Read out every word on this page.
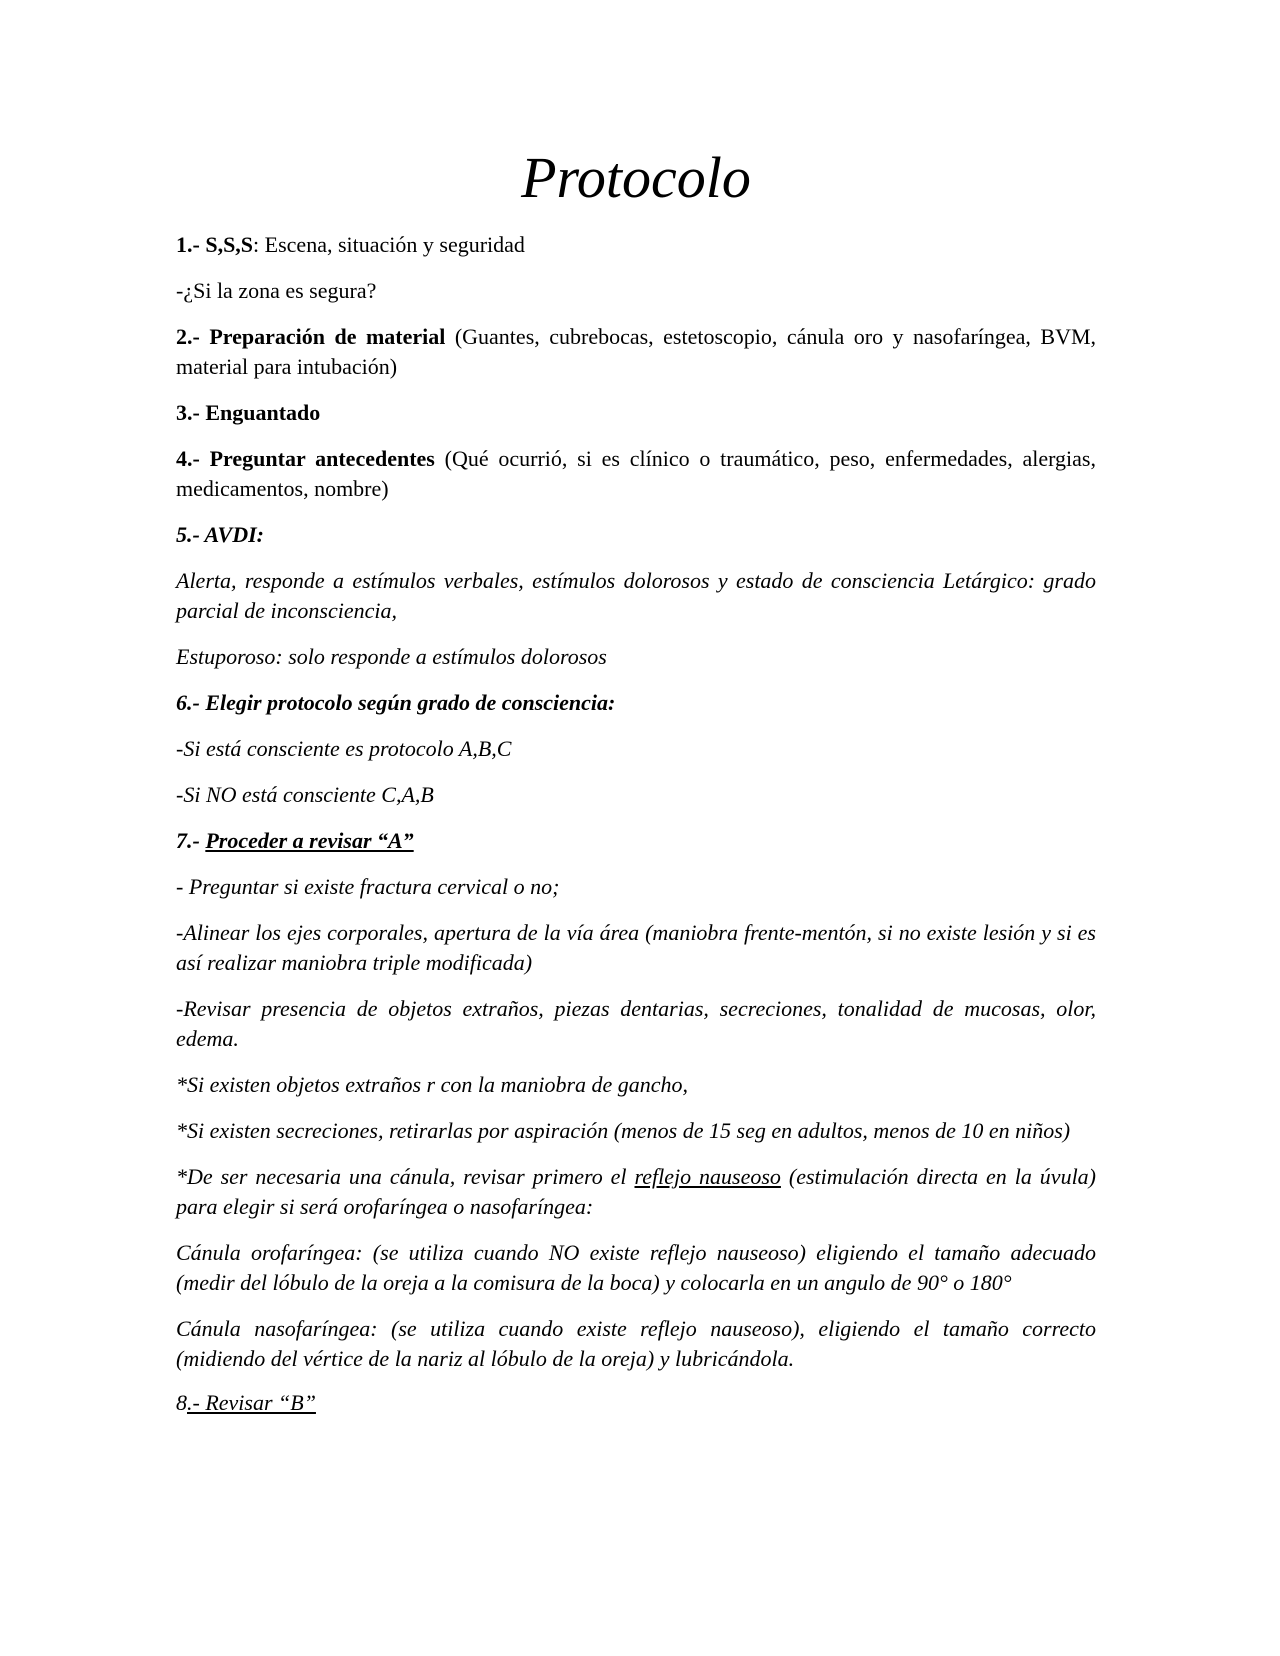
Protocolo

1.- S,S,S: Escena, situación y seguridad

-¿Si la zona es segura?

2.- Preparación de material (Guantes, cubrebocas, estetoscopio, cánula oro y nasofaríngea, BVM, material para intubación)

3.- Enguantado

4.- Preguntar antecedentes (Qué ocurrió, si es clínico o traumático, peso, enfermedades, alergias, medicamentos, nombre)

5.- AVDI:

Alerta, responde a estímulos verbales, estímulos dolorosos y estado de consciencia Letárgico: grado parcial de inconsciencia,

Estuporoso: solo responde a estímulos dolorosos

6.- Elegir protocolo según grado de consciencia:

-Si está consciente es protocolo A,B,C

-Si NO está consciente C,A,B

7.- Proceder a revisar “A”

- Preguntar si existe fractura cervical o no;

-Alinear los ejes corporales, apertura de la vía área (maniobra frente-mentón, si no existe lesión y si es así realizar maniobra triple modificada)

-Revisar presencia de objetos extraños, piezas dentarias, secreciones, tonalidad de mucosas, olor, edema.

*Si existen objetos extraños r con la maniobra de gancho,

*Si existen secreciones, retirarlas por aspiración (menos de 15 seg en adultos, menos de 10 en niños)

*De ser necesaria una cánula, revisar primero el reflejo nauseoso (estimulación directa en la úvula) para elegir si será orofaríngea o nasofaríngea:

Cánula orofaríngea: (se utiliza cuando NO existe reflejo nauseoso) eligiendo el tamaño adecuado (medir del lóbulo de la oreja a la comisura de la boca) y colocarla en un angulo de 90° o 180°

Cánula nasofaríngea: (se utiliza cuando existe reflejo nauseoso), eligiendo el tamaño correcto (midiendo del vértice de la nariz al lóbulo de la oreja) y lubricándola.

8.- Revisar “B”
